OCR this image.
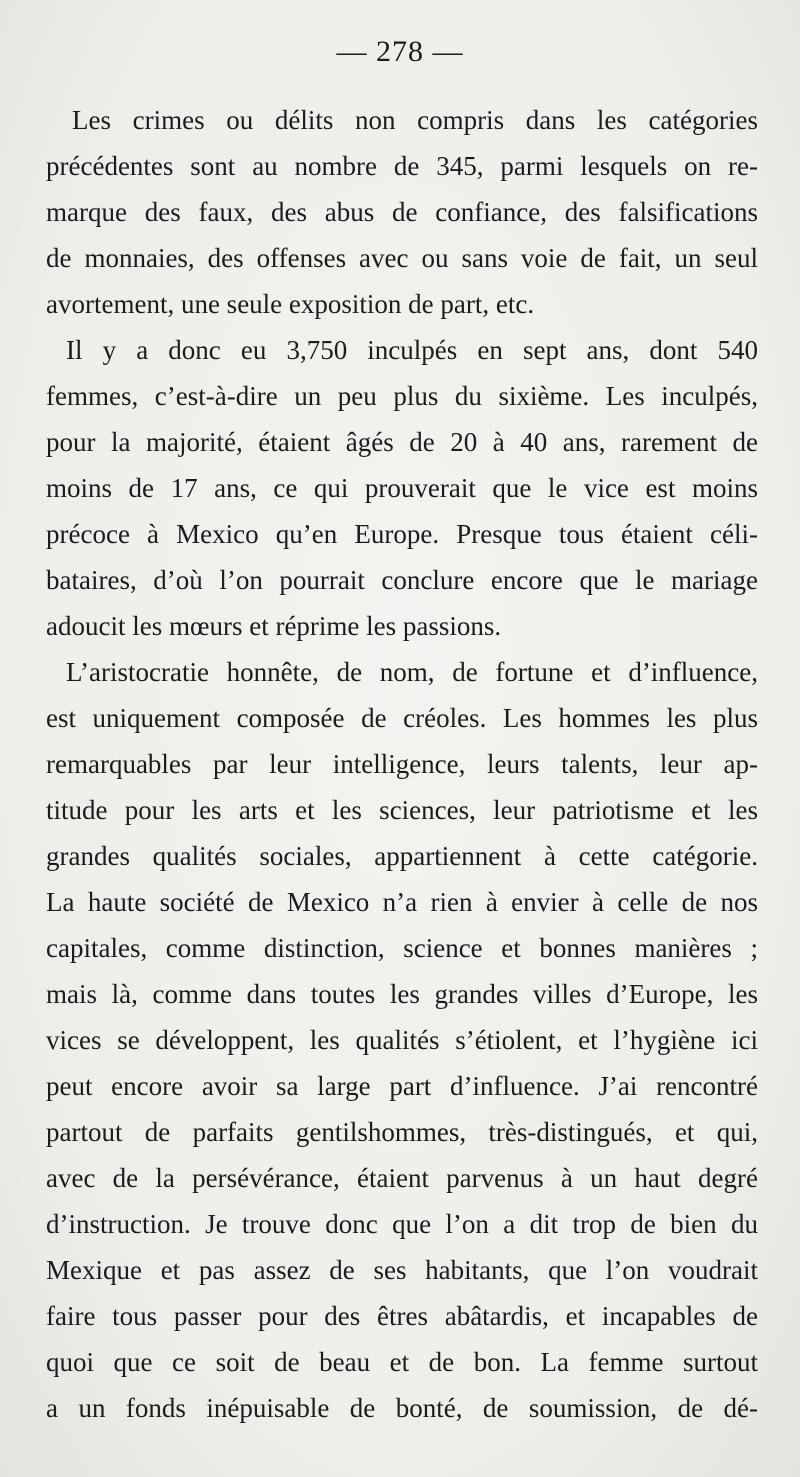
— 278 —
Les crimes ou délits non compris dans les catégories
précédentes sont au nombre de 345, parmi lesquels on re-
marque des faux, des abus de confiance, des falsifications
de monnaies, des offenses avec ou sans voie de fait, un seul
avortement, une seule exposition de part, etc.
Il y a donc eu 3,750 inculpés en sept ans, dont 540
femmes, c’est-à-dire un peu plus du sixième. Les inculpés,
pour la majorité, étaient âgés de 20 à 40 ans, rarement de
moins de 17 ans, ce qui prouverait que le vice est moins
précoce à Mexico qu’en Europe. Presque tous étaient céli-
bataires, d’où l’on pourrait conclure encore que le mariage
adoucit les mœurs et réprime les passions.
L’aristocratie honnête, de nom, de fortune et d’influence,
est uniquement composée de créoles. Les hommes les plus
remarquables par leur intelligence, leurs talents, leur ap-
titude pour les arts et les sciences, leur patriotisme et les
grandes qualités sociales, appartiennent à cette catégorie.
La haute société de Mexico n’a rien à envier à celle de nos
capitales, comme distinction, science et bonnes manières ;
mais là, comme dans toutes les grandes villes d’Europe, les
vices se développent, les qualités s’étiolent, et l’hygiène ici
peut encore avoir sa large part d’influence. J’ai rencontré
partout de parfaits gentilshommes, très-distingués, et qui,
avec de la persévérance, étaient parvenus à un haut degré
d’instruction. Je trouve donc que l’on a dit trop de bien du
Mexique et pas assez de ses habitants, que l’on voudrait
faire tous passer pour des êtres abâtardis, et incapables de
quoi que ce soit de beau et de bon. La femme surtout
a un fonds inépuisable de bonté, de soumission, de dé-
